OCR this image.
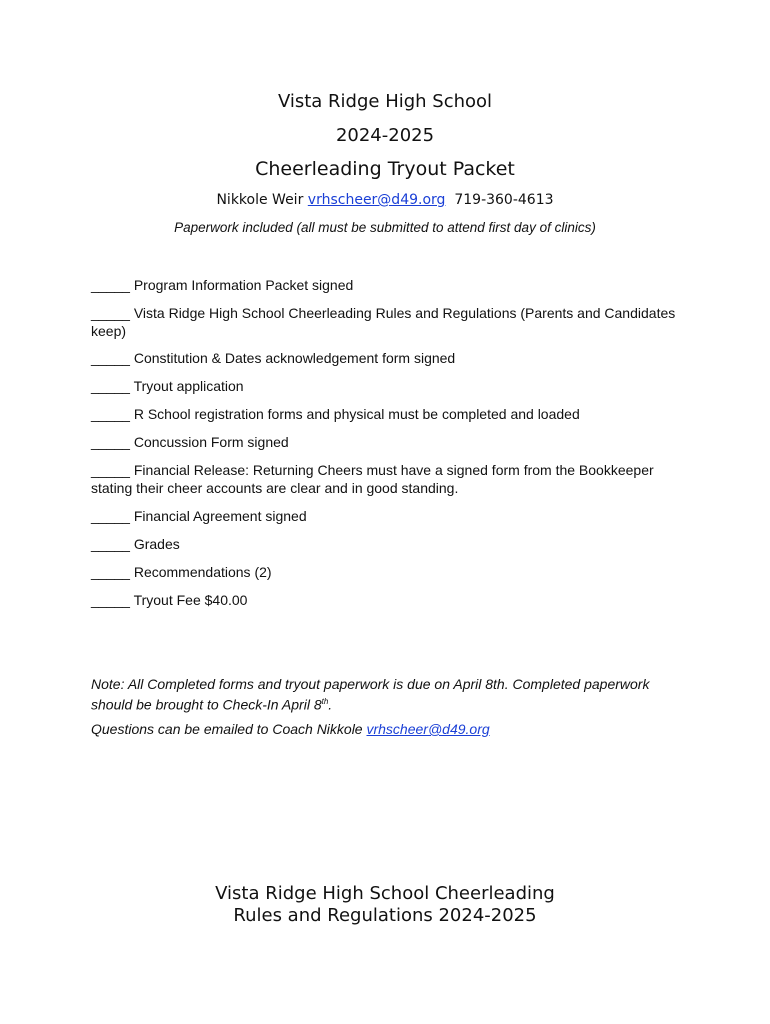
Vista Ridge High School
2024-2025
Cheerleading Tryout Packet
Nikkole Weir vrhscheer@d49.org 719-360-4613
Paperwork included (all must be submitted to attend first day of clinics)
_____ Program Information Packet signed
_____ Vista Ridge High School Cheerleading Rules and Regulations (Parents and Candidates keep)
_____ Constitution & Dates acknowledgement form signed
_____ Tryout application
_____ R School registration forms and physical must be completed and loaded
_____ Concussion Form signed
_____ Financial Release: Returning Cheers must have a signed form from the Bookkeeper stating their cheer accounts are clear and in good standing.
_____ Financial Agreement signed
_____ Grades
_____ Recommendations (2)
_____ Tryout Fee $40.00
Note: All Completed forms and tryout paperwork is due on April 8th. Completed paperwork should be brought to Check-In April 8th.
Questions can be emailed to Coach Nikkole vrhscheer@d49.org
Vista Ridge High School Cheerleading
Rules and Regulations 2024-2025
